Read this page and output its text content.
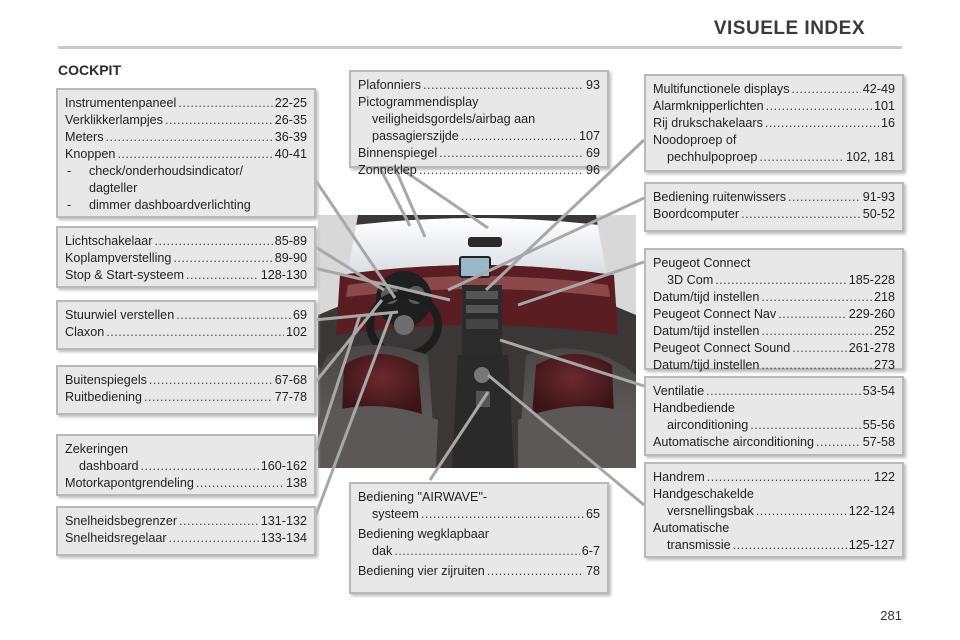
VISUELE INDEX
COCKPIT
Instrumentenpaneel .....	22-25
Verklikkerlampjes .....	26-35
Meters .....	36-39
Knoppen .....	40-41
-	check/onderhoudsindicator/
dagteller
-	dimmer dashboardverlichting
Lichtschakelaar .....	85-89
Koplampverstelling .....	89-90
Stop & Start-systeem .....	128-130
Stuurwiel verstellen .....	69
Claxon .....	102
Buitenspiegels .....	67-68
Ruitbediening .....	77-78
Zekeringen
dashboard .....	160-162
Motorkapontgrendeling .....	138
Snelheidsbegrenzer .....	131-132
Snelheidsregelaar .....	133-134
Plafonniers .....	93
Pictogrammendisplay
veiligheidsgordels/airbag aan
passagierszijde .....	107
Binnenspiegel .....	69
Zonneklep .....	96
Bediening "AIRWAVE"-
systeem .....	65
Bediening wegklapbaar
dak .....	6-7
Bediening vier zijruiten .....	78
Multifunctionele displays .....	42-49
Alarmknipperlichten .....	101
Rij drukschakelaars .....	16
Noodoproep of
pechhulpoproep .....	102, 181
Bediening ruitenwissers .....	91-93
Boordcomputer .....	50-52
Peugeot Connect
3D Com .....	185-228
Datum/tijd instellen .....	218
Peugeot Connect Nav .....	229-260
Datum/tijd instellen .....	252
Peugeot Connect Sound .....	261-278
Datum/tijd instellen .....	273
Ventilatie .....	53-54
Handbediende
airconditioning .....	55-56
Automatische airconditioning .....	57-58
Handrem .....	122
Handgeschakelde
versnellingsbak .....	122-124
Automatische
transmissie .....	125-127
281
